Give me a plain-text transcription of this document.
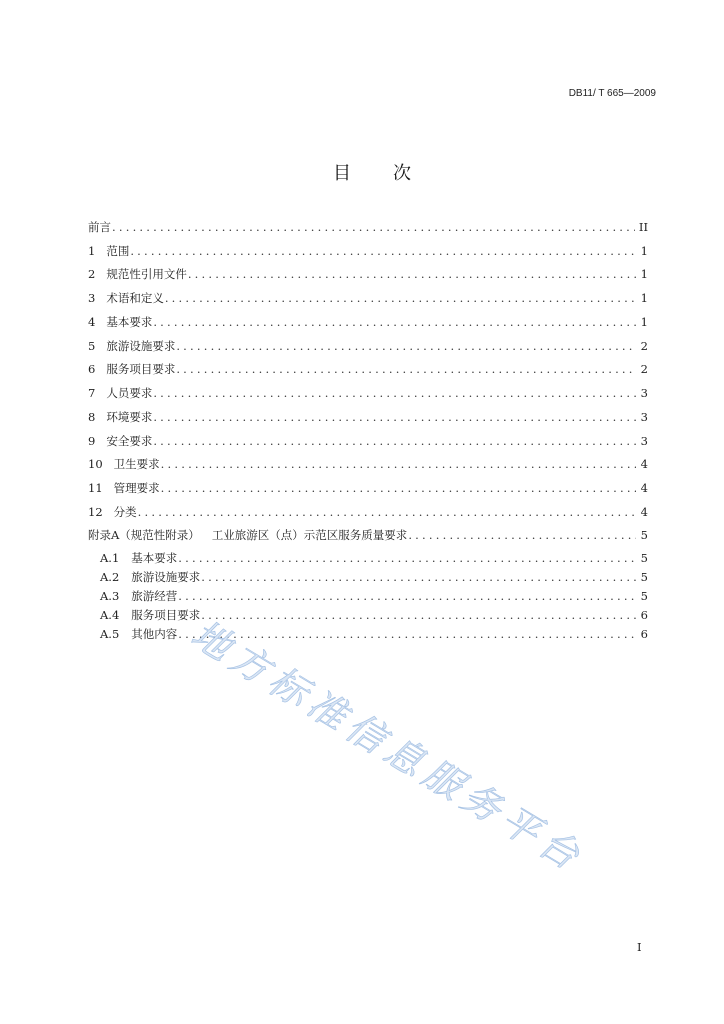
DB11/ T 665—2009
目　　次
前言 .....	II
1 范围 .....	1
2 规范性引用文件 .....	1
3 术语和定义 .....	1
4 基本要求 .....	1
5 旅游设施要求 .....	2
6 服务项目要求 .....	2
7 人员要求 .....	3
8 环境要求 .....	3
9 安全要求 .....	3
10 卫生要求 .....	4
11 管理要求 .....	4
12 分类 .....	4
附录A（规范性附录） 工业旅游区（点）示范区服务质量要求 .....	5
A.1 基本要求 .....	5
A.2 旅游设施要求 .....	5
A.3 旅游经营 .....	5
A.4 服务项目要求 .....	6
A.5 其他内容 .....	6
地方标准信息服务平台
I
